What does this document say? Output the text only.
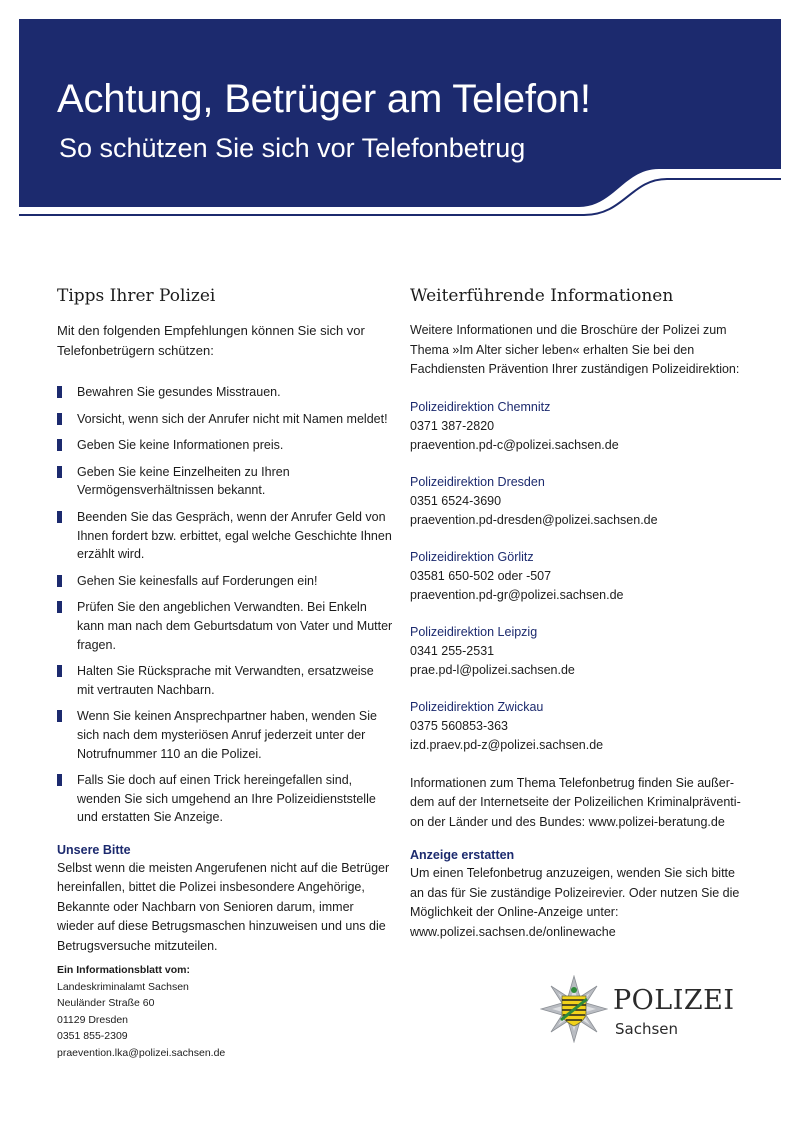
Achtung, Betrüger am Telefon!
So schützen Sie sich vor Telefonbetrug
Tipps Ihrer Polizei

Mit den folgenden Empfehlungen können Sie sich vor Telefonbetrügern schützen:

Bewahren Sie gesundes Misstrauen.
Vorsicht, wenn sich der Anrufer nicht mit Namen meldet!
Geben Sie keine Informationen preis.
Geben Sie keine Einzelheiten zu Ihren Vermögensverhältnissen bekannt.
Beenden Sie das Gespräch, wenn der Anrufer Geld von Ihnen fordert bzw. erbittet, egal welche Geschichte Ihnen erzählt wird.
Gehen Sie keinesfalls auf Forderungen ein!
Prüfen Sie den angeblichen Verwandten. Bei Enkeln kann man nach dem Geburtsdatum von Vater und Mutter fragen.
Halten Sie Rücksprache mit Verwandten, ersatzweise mit vertrauten Nachbarn.
Wenn Sie keinen Ansprechpartner haben, wenden Sie sich nach dem mysteriösen Anruf jederzeit unter der Notrufnummer 110 an die Polizei.
Falls Sie doch auf einen Trick hereingefallen sind, wenden Sie sich umgehend an Ihre Polizeidienststelle und erstatten Sie Anzeige.
Unsere Bitte

Selbst wenn die meisten Angerufenen nicht auf die Betrüger hereinfallen, bittet die Polizei insbesondere Angehörige, Bekannte oder Nachbarn von Senioren darum, immer wieder auf diese Betrugsmaschen hinzuweisen und uns die Betrugsversuche mitzuteilen.

Weiterführende Informationen

Weitere Informationen und die Broschüre der Polizei zum Thema »Im Alter sicher leben« erhalten Sie bei den Fachdiensten Prävention Ihrer zuständigen Polizeidirektion:

Polizeidirektion Chemnitz

0371 387-2820

praevention.pd-c@polizei.sachsen.de

Polizeidirektion Dresden

0351 6524-3690

praevention.pd-dresden@polizei.sachsen.de

Polizeidirektion Görlitz

03581 650-502 oder -507

praevention.pd-gr@polizei.sachsen.de

Polizeidirektion Leipzig

0341 255-2531

prae.pd-l@polizei.sachsen.de

Polizeidirektion Zwickau

0375 560853-363

izd.praev.pd-z@polizei.sachsen.de

Informationen zum Thema Telefonbetrug finden Sie außerdem auf der Internetseite der Polizeilichen Kriminalprävention der Länder und des Bundes: www.polizei-beratung.de

Anzeige erstatten

Um einen Telefonbetrug anzuzeigen, wenden Sie sich bitte an das für Sie zuständige Polizeirevier. Oder nutzen Sie die Möglichkeit der Online-Anzeige unter: www.polizei.sachsen.de/onlinewache

Ein Informationsblatt vom:

Landeskriminalamt Sachsen

Neuländer Straße 60

01129 Dresden

0351 855-2309

praevention.lka@polizei.sachsen.de

POLIZEI

Sachsen
